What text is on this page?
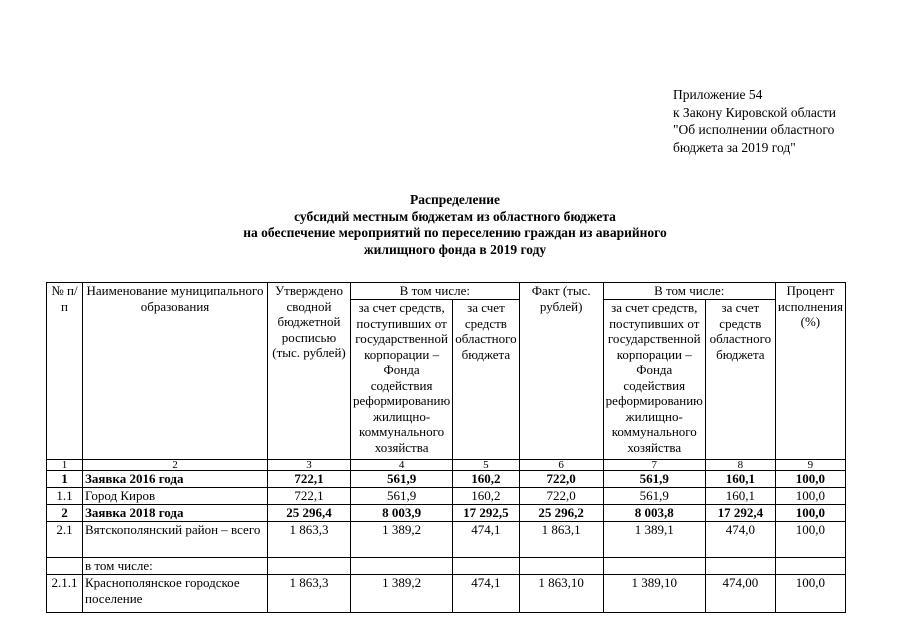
Приложение 54
к Закону Кировской области
"Об исполнении областного
бюджета за 2019 год"
Распределение
субсидий местным бюджетам из областного бюджета
на обеспечение мероприятий по переселению граждан из аварийного
жилищного фонда в 2019 году
№ п/п	Наименование муниципального образования	Утверждено сводной бюджетной росписью (тыс. рублей)	В том числе:		Факт (тыс. рублей)	В том числе:		Процент исполнения (%)
			за счет средств, поступивших от государственной корпорации – Фонда содействия реформированию жилищно-коммунального хозяйства	за счет средств областного бюджета		за счет средств, поступивших от государственной корпорации – Фонда содействия реформированию жилищно-коммунального хозяйства	за счет средств областного бюджета	
1	2	3	4	5	6	7	8	9
1	Заявка 2016 года	722,1	561,9	160,2	722,0	561,9	160,1	100,0
1.1	Город Киров	722,1	561,9	160,2	722,0	561,9	160,1	100,0
2	Заявка 2018 года	25 296,4	8 003,9	17 292,5	25 296,2	8 003,8	17 292,4	100,0
2.1	Вятскополянский район – всего	1 863,3	1 389,2	474,1	1 863,1	1 389,1	474,0	100,0
	в том числе:							
2.1.1	Краснополянское городское поселение	1 863,3	1 389,2	474,1	1 863,10	1 389,10	474,00	100,0
